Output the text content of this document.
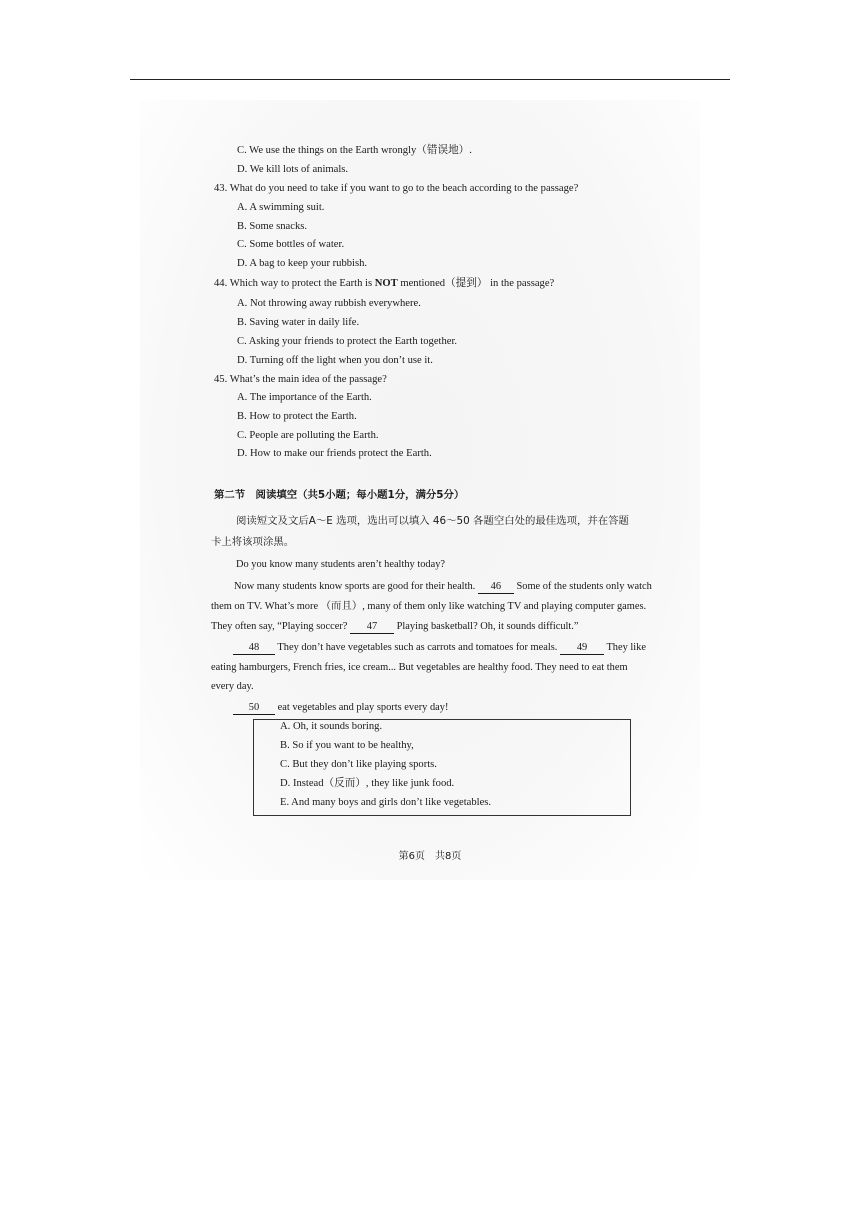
C. We use the things on the Earth wrongly（错误地）.
D. We kill lots of animals.
43. What do you need to take if you want to go to the beach according to the passage?
A. A swimming suit.
B. Some snacks.
C. Some bottles of water.
D. A bag to keep your rubbish.
44. Which way to protect the Earth is NOT mentioned（提到） in the passage?
A. Not throwing away rubbish everywhere.
B. Saving water in daily life.
C. Asking your friends to protect the Earth together.
D. Turning off the light when you don’t use it.
45. What’s the main idea of the passage?
A. The importance of the Earth.
B. How to protect the Earth.
C. People are polluting the Earth.
D. How to make our friends protect the Earth.
第二节　阅读填空（共5小题；每小题1分，满分5分）
阅读短文及文后A～E 选项，选出可以填入 46～50 各题空白处的最佳选项，并在答题
卡上将该项涂黑。
Do you know many students aren’t healthy today?
Now many students know sports are good for their health. 46 Some of the students only watch
them on TV. What’s more （而且）, many of them only like watching TV and playing computer games.
They often say, “Playing soccer? 47 Playing basketball? Oh, it sounds difficult.”
48 They don’t have vegetables such as carrots and tomatoes for meals. 49 They like
eating hamburgers, French fries, ice cream... But vegetables are healthy food. They need to eat them
every day.
50 eat vegetables and play sports every day!
A. Oh, it sounds boring.
B. So if you want to be healthy,
C. But they don’t like playing sports.
D. Instead（反而）, they like junk food.
E. And many boys and girls don’t like vegetables.
第6页　共8页
